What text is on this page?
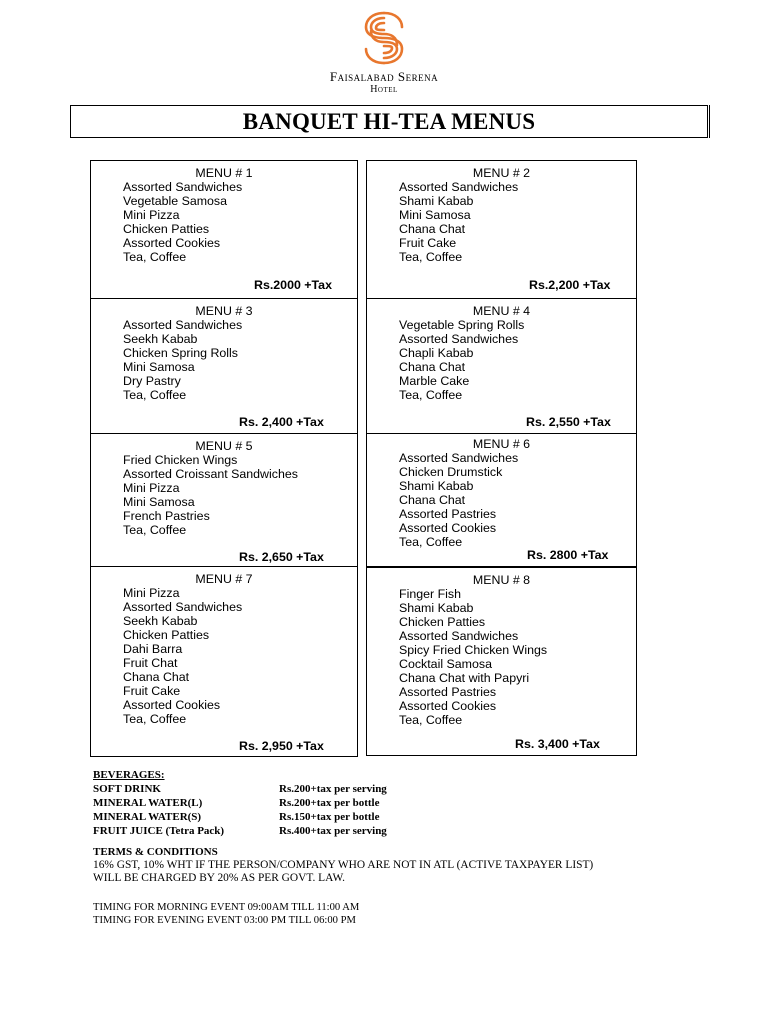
Faisalabad Serena
Hotel
BANQUET HI-TEA MENUS
MENU # 1
Assorted Sandwiches
Vegetable Samosa
Mini Pizza
Chicken Patties
Assorted Cookies
Tea, Coffee
Rs.2000 +Tax
MENU # 2
Assorted Sandwiches
Shami Kabab
Mini Samosa
Chana Chat
Fruit Cake
Tea, Coffee
Rs.2,200 +Tax
MENU # 3
Assorted Sandwiches
Seekh Kabab
Chicken Spring Rolls
Mini Samosa
Dry Pastry
Tea, Coffee
Rs. 2,400 +Tax
MENU # 4
Vegetable Spring Rolls
Assorted Sandwiches
Chapli Kabab
Chana Chat
Marble Cake
Tea, Coffee
Rs. 2,550 +Tax
MENU # 5
Fried Chicken Wings
Assorted Croissant Sandwiches
Mini Pizza
Mini Samosa
French Pastries
Tea, Coffee
Rs. 2,650 +Tax
MENU # 6
Assorted Sandwiches
Chicken Drumstick
Shami Kabab
Chana Chat
Assorted Pastries
Assorted Cookies
Tea, Coffee
Rs. 2800 +Tax
MENU # 7
Mini Pizza
Assorted Sandwiches
Seekh Kabab
Chicken Patties
Dahi Barra
Fruit Chat
Chana Chat
Fruit Cake
Assorted Cookies
Tea, Coffee
Rs. 2,950 +Tax
MENU # 8
Finger Fish
Shami Kabab
Chicken Patties
Assorted Sandwiches
Spicy Fried Chicken Wings
Cocktail Samosa
Chana Chat with Papyri
Assorted Pastries
Assorted Cookies
Tea, Coffee
Rs. 3,400 +Tax
BEVERAGES:
SOFT DRINK	Rs.200+tax per serving
MINERAL WATER(L)	Rs.200+tax per bottle
MINERAL WATER(S)	Rs.150+tax per bottle
FRUIT JUICE (Tetra Pack)	Rs.400+tax per serving
TERMS & CONDITIONS
16% GST, 10% WHT IF THE PERSON/COMPANY WHO ARE NOT IN ATL (ACTIVE TAXPAYER LIST)
WILL BE CHARGED BY 20% AS PER GOVT. LAW.
TIMING FOR MORNING EVENT 09:00AM TILL 11:00 AM
TIMING FOR EVENING EVENT 03:00 PM TILL 06:00 PM
